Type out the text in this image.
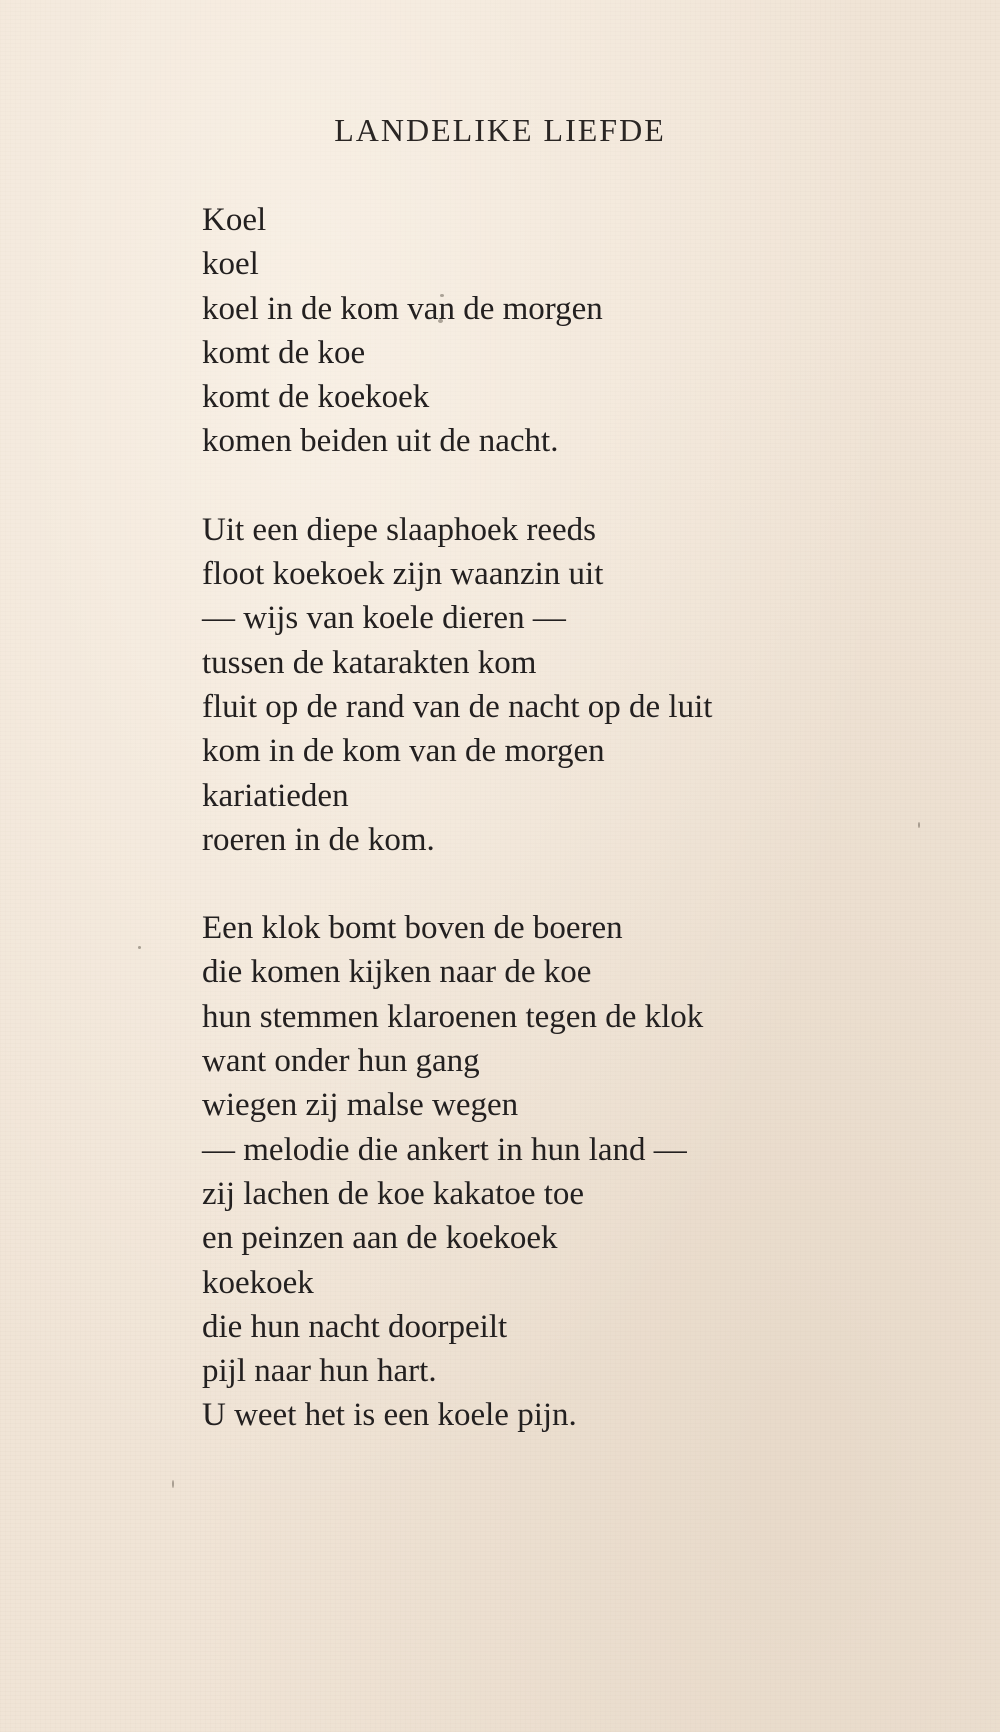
LANDELIKE LIEFDE
Koel
koel
koel in de kom van de morgen
komt de koe
komt de koekoek
komen beiden uit de nacht.
Uit een diepe slaaphoek reeds
floot koekoek zijn waanzin uit
— wijs van koele dieren —
tussen de katarakten kom
fluit op de rand van de nacht op de luit
kom in de kom van de morgen
kariatieden
roeren in de kom.
Een klok bomt boven de boeren
die komen kijken naar de koe
hun stemmen klaroenen tegen de klok
want onder hun gang
wiegen zij malse wegen
— melodie die ankert in hun land —
zij lachen de koe kakatoe toe
en peinzen aan de koekoek
koekoek
die hun nacht doorpeilt
pijl naar hun hart.
U weet het is een koele pijn.
